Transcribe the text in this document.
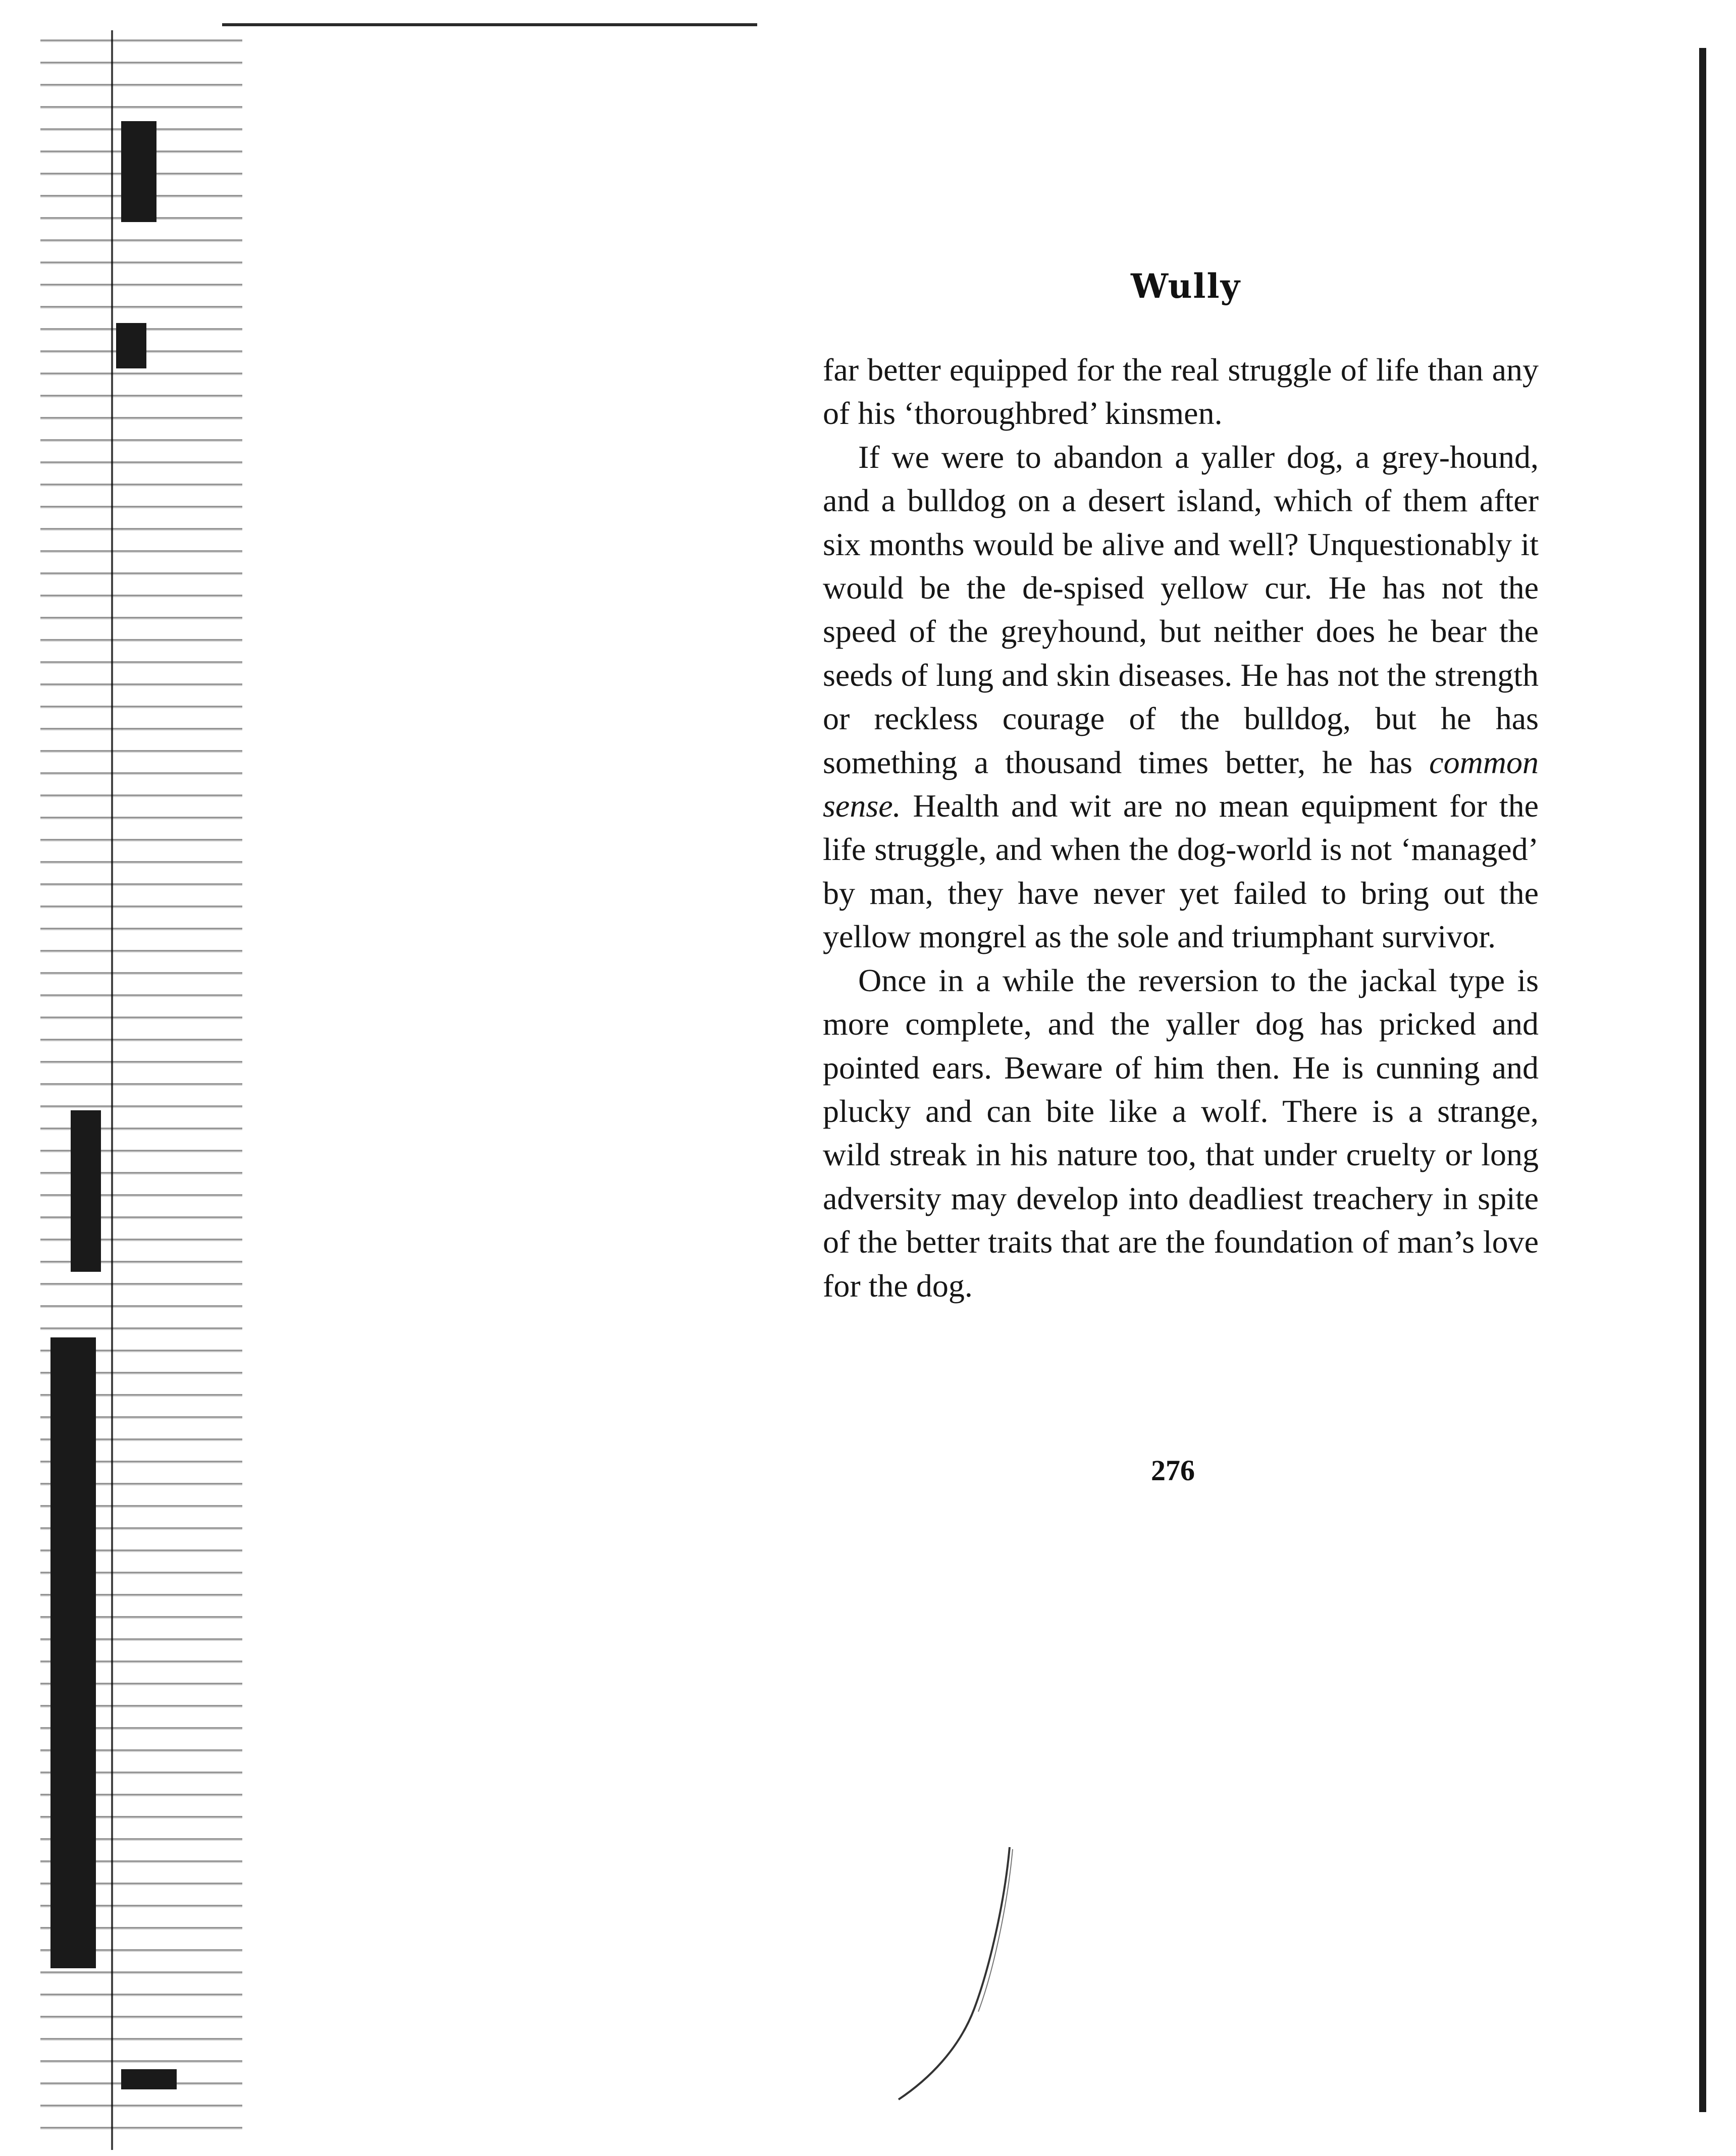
Wully

far better equipped for the real struggle of life than any of his ‘thoroughbred’ kinsmen.

If we were to abandon a yaller dog, a grey-hound, and a bulldog on a desert island, which of them after six months would be alive and well? Unquestionably it would be the de-spised yellow cur. He has not the speed of the greyhound, but neither does he bear the seeds of lung and skin diseases. He has not the strength or reckless courage of the bulldog, but he has something a thousand times better, he has common sense. Health and wit are no mean equipment for the life struggle, and when the dog-world is not ‘managed’ by man, they have never yet failed to bring out the yellow mongrel as the sole and triumphant survivor.

Once in a while the reversion to the jackal type is more complete, and the yaller dog has pricked and pointed ears. Beware of him then. He is cunning and plucky and can bite like a wolf. There is a strange, wild streak in his nature too, that under cruelty or long adversity may develop into deadliest treachery in spite of the better traits that are the foundation of man’s love for the dog.

276
